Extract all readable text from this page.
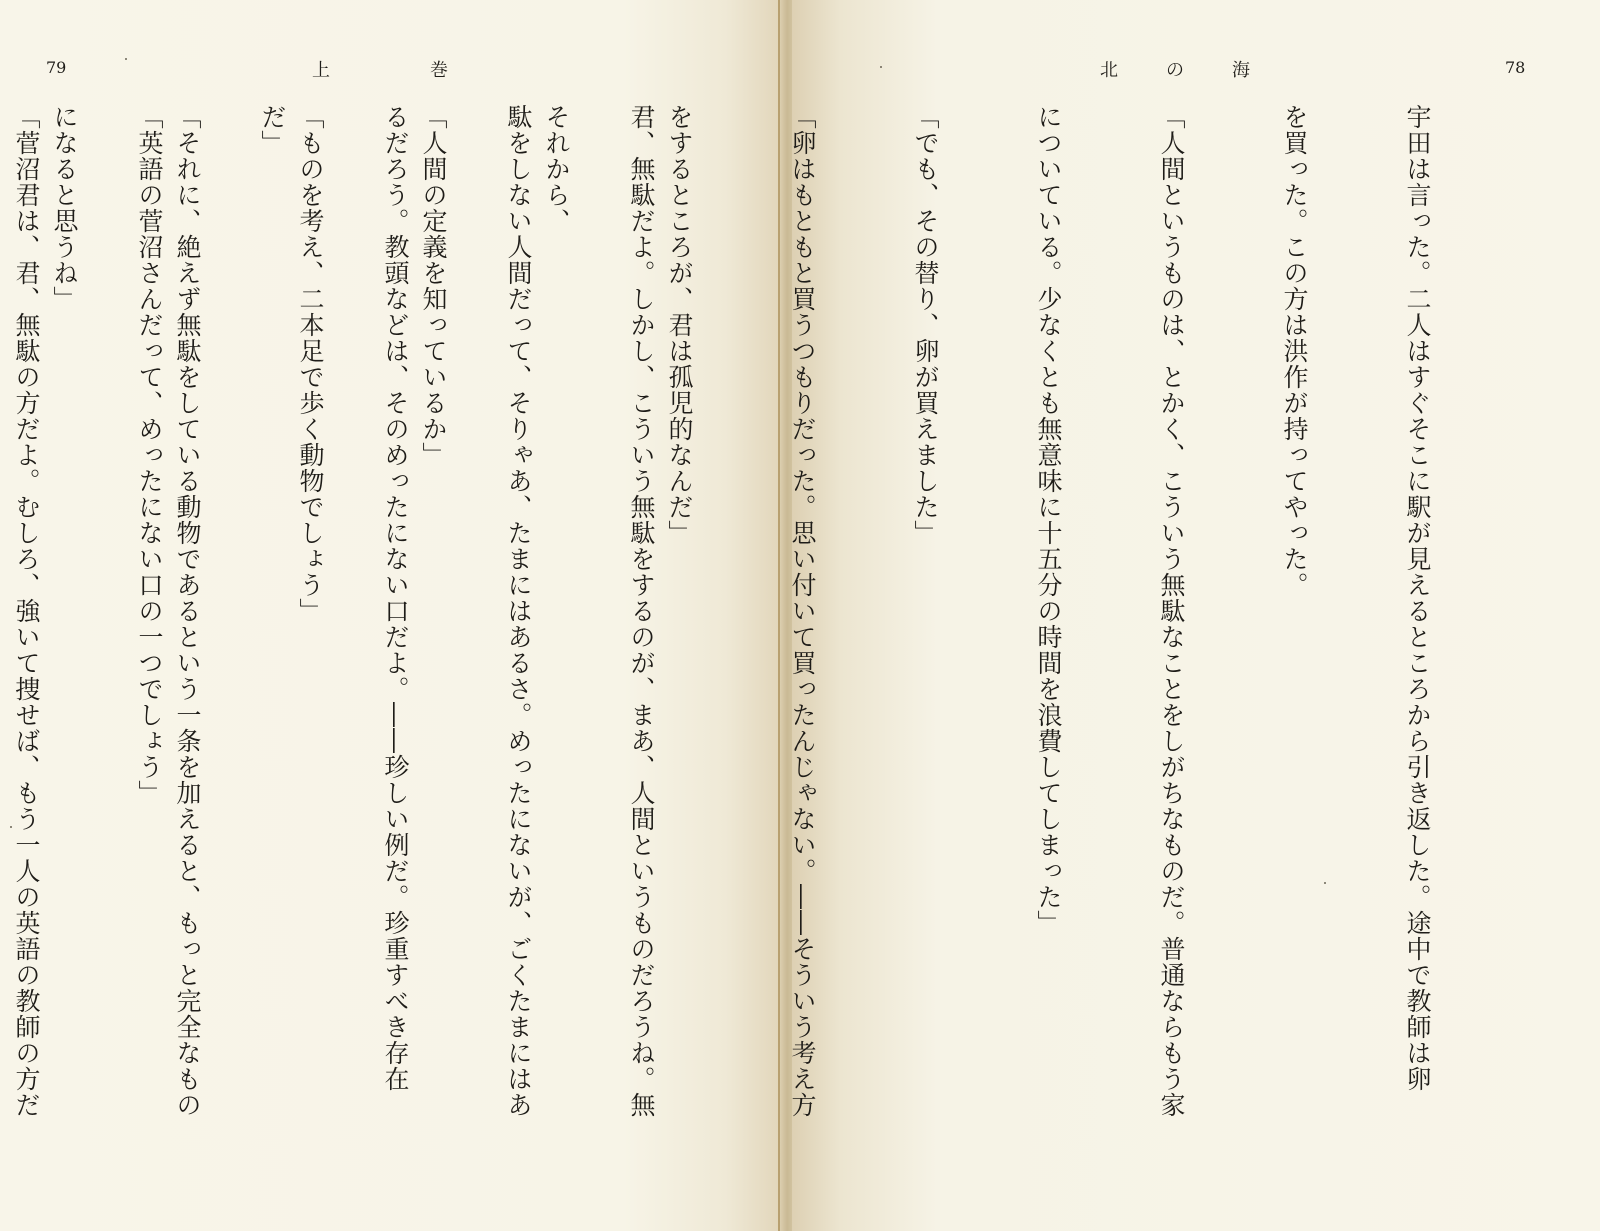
79	上巻	北の海	78

宇田は言った。二人はすぐそこに駅が見えるところから引き返した。途中で教師は卵

を買った。この方は洪作が持ってやった。

「人間というものは、とかく、こういう無駄なことをしがちなものだ。普通ならもう家

についている。少なくとも無意味に十五分の時間を浪費してしまった」

「でも、その替り、卵が買えました」

「卵はもともと買うつもりだった。思い付いて買ったんじゃない。――そういう考え方

をするところが、君は孤児的なんだ」

それから、

「人間の定義を知っているか」

「ものを考え、二本足で歩く動物でしょう」

「それに、絶えず無駄をしている動物であるという一条を加えると、もっと完全なもの

になると思うね」

	君、無駄だよ。しかし、こういう無駄をするのが、まあ、人間というものだろうね。無

駄をしない人間だって、そりゃあ、たまにはあるさ。めったにないが、ごくたまにはあ

るだろう。教頭などは、そのめったにない口だよ。――珍しい例だ。珍重すべき存在

だ」

「英語の菅沼さんだって、めったにない口の一つでしょう」

「菅沼君は、君、無駄の方だよ。むしろ、強いて捜せば、もう一人の英語の教師の方だ
